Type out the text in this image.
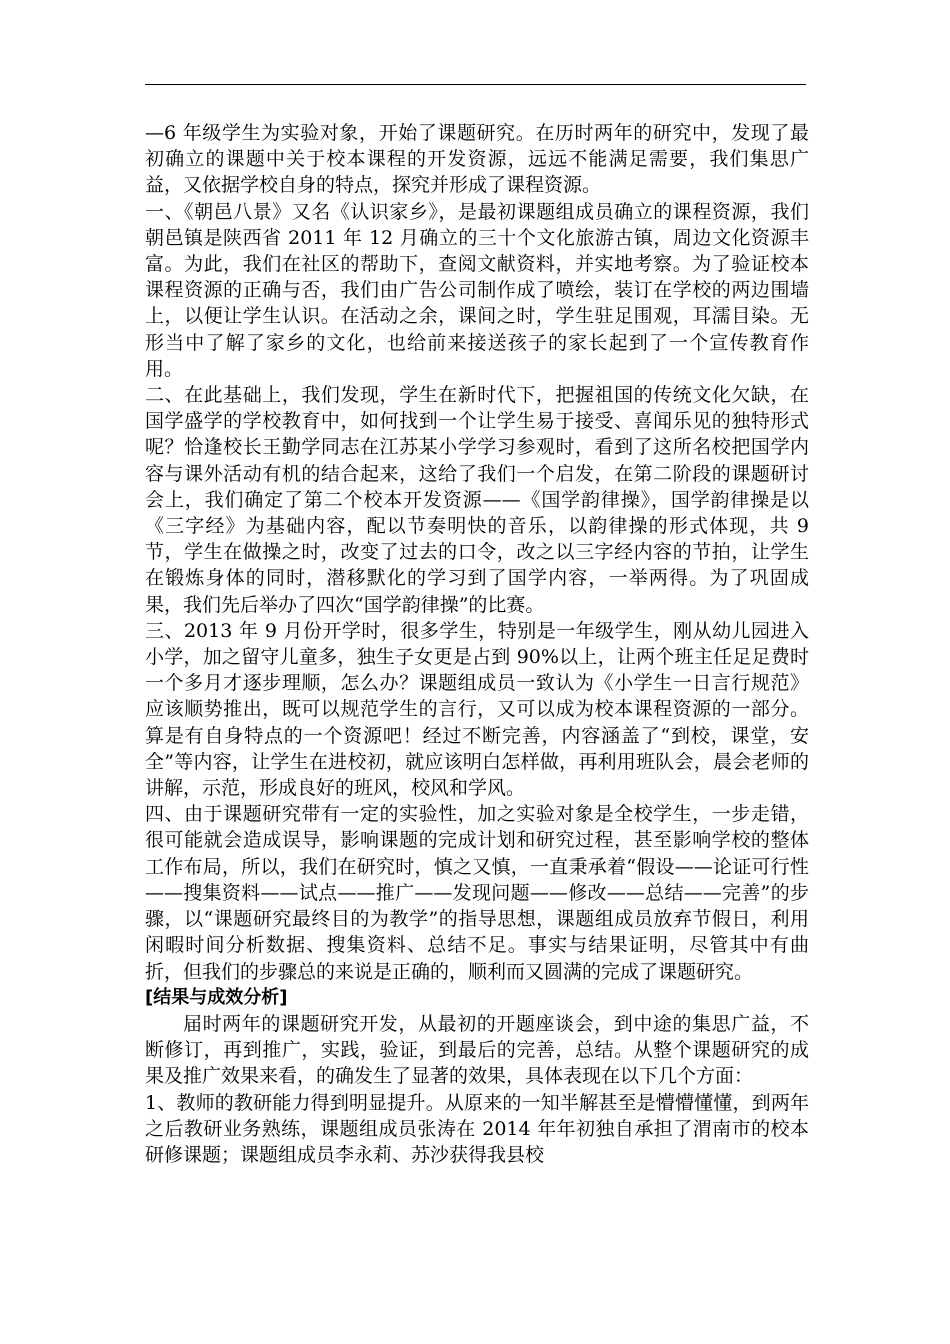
—6 年级学生为实验对象，开始了课题研究。在历时两年的研究中，发现了最初确立的课题中关于校本课程的开发资源，远远不能满足需要，我们集思广益，又依据学校自身的特点，探究并形成了课程资源。

一、《朝邑八景》又名《认识家乡》，是最初课题组成员确立的课程资源，我们朝邑镇是陕西省 2011 年 12 月确立的三十个文化旅游古镇，周边文化资源丰富。为此，我们在社区的帮助下，查阅文献资料，并实地考察。为了验证校本课程资源的正确与否，我们由广告公司制作成了喷绘，装订在学校的两边围墙上，以便让学生认识。在活动之余，课间之时，学生驻足围观，耳濡目染。无形当中了解了家乡的文化，也给前来接送孩子的家长起到了一个宣传教育作用。

二、在此基础上，我们发现，学生在新时代下，把握祖国的传统文化欠缺，在国学盛学的学校教育中，如何找到一个让学生易于接受、喜闻乐见的独特形式呢？恰逢校长王勤学同志在江苏某小学学习参观时，看到了这所名校把国学内容与课外活动有机的结合起来，这给了我们一个启发，在第二阶段的课题研讨会上，我们确定了第二个校本开发资源——《国学韵律操》，国学韵律操是以《三字经》为基础内容，配以节奏明快的音乐，以韵律操的形式体现，共 9 节，学生在做操之时，改变了过去的口令，改之以三字经内容的节拍，让学生在锻炼身体的同时，潜移默化的学习到了国学内容，一举两得。为了巩固成果，我们先后举办了四次“国学韵律操”的比赛。

三、2013 年 9 月份开学时，很多学生，特别是一年级学生，刚从幼儿园进入小学，加之留守儿童多，独生子女更是占到 90%以上，让两个班主任足足费时一个多月才逐步理顺，怎么办？课题组成员一致认为《小学生一日言行规范》应该顺势推出，既可以规范学生的言行，又可以成为校本课程资源的一部分。算是有自身特点的一个资源吧！经过不断完善，内容涵盖了“到校，课堂，安全”等内容，让学生在进校初，就应该明白怎样做，再利用班队会，晨会老师的讲解，示范，形成良好的班风，校风和学风。

四、由于课题研究带有一定的实验性，加之实验对象是全校学生，一步走错，很可能就会造成误导，影响课题的完成计划和研究过程，甚至影响学校的整体工作布局，所以，我们在研究时，慎之又慎，一直秉承着“假设——论证可行性——搜集资料——试点——推广——发现问题——修改——总结——完善”的步骤，以“课题研究最终目的为教学”的指导思想，课题组成员放弃节假日，利用闲暇时间分析数据、搜集资料、总结不足。事实与结果证明，尽管其中有曲折，但我们的步骤总的来说是正确的，顺利而又圆满的完成了课题研究。

[结果与成效分析]

届时两年的课题研究开发，从最初的开题座谈会，到中途的集思广益，不断修订，再到推广，实践，验证，到最后的完善，总结。从整个课题研究的成果及推广效果来看，的确发生了显著的效果，具体表现在以下几个方面：

1、教师的教研能力得到明显提升。从原来的一知半解甚至是懵懵懂懂，到两年之后教研业务熟练，课题组成员张涛在 2014 年年初独自承担了渭南市的校本研修课题；课题组成员李永莉、苏沙获得我县校
